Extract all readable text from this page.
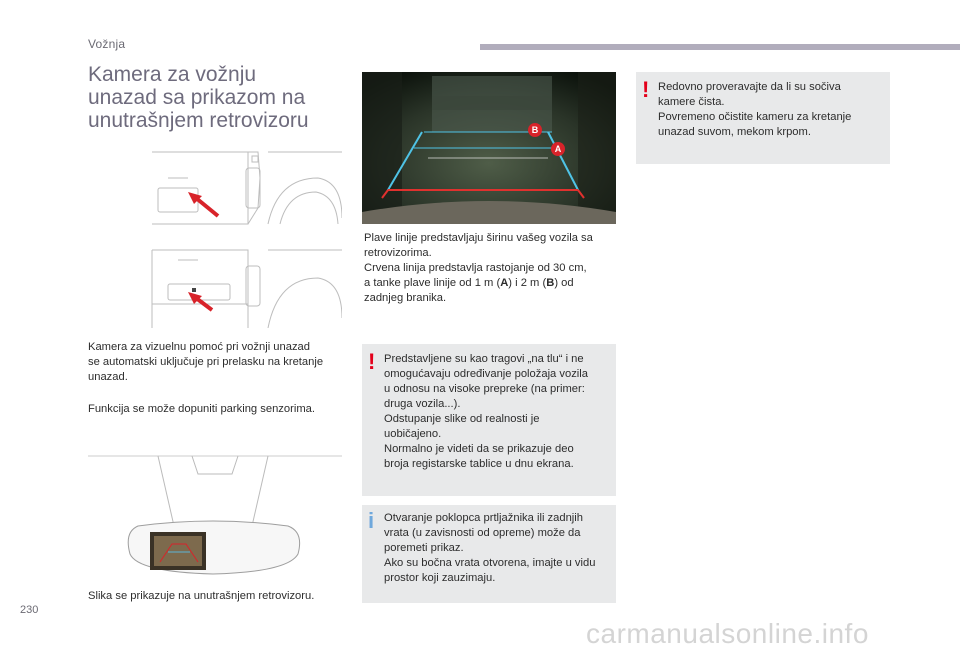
Vožnja
Kamera za vožnju
unazad sa prikazom na
unutrašnjem retrovizoru
Kamera za vizuelnu pomoć pri vožnji unazad
se automatski uključuje pri prelasku na kretanje
unazad.
Funkcija se može dopuniti parking senzorima.
Slika se prikazuje na unutrašnjem retrovizoru.
B
A
Plave linije predstavljaju širinu vašeg vozila sa
retrovizorima.
Crvena linija predstavlja rastojanje od 30 cm,
a tanke plave linije od 1 m (A) i 2 m (B) od
zadnjeg branika.
! Predstavljene su kao tragovi „na tlu“ i ne
omogućavaju određivanje položaja vozila
u odnosu na visoke prepreke (na primer:
druga vozila...).
Odstupanje slike od realnosti je
uobičajeno.
Normalno je videti da se prikazuje deo
broja registarske tablice u dnu ekrana.
i Otvaranje poklopca prtljažnika ili zadnjih
vrata (u zavisnosti od opreme) može da
poremeti prikaz.
Ako su bočna vrata otvorena, imajte u vidu
prostor koji zauzimaju.
! Redovno proveravajte da li su sočiva
kamere čista.
Povremeno očistite kameru za kretanje
unazad suvom, mekom krpom.
230
carmanualsonline.info
